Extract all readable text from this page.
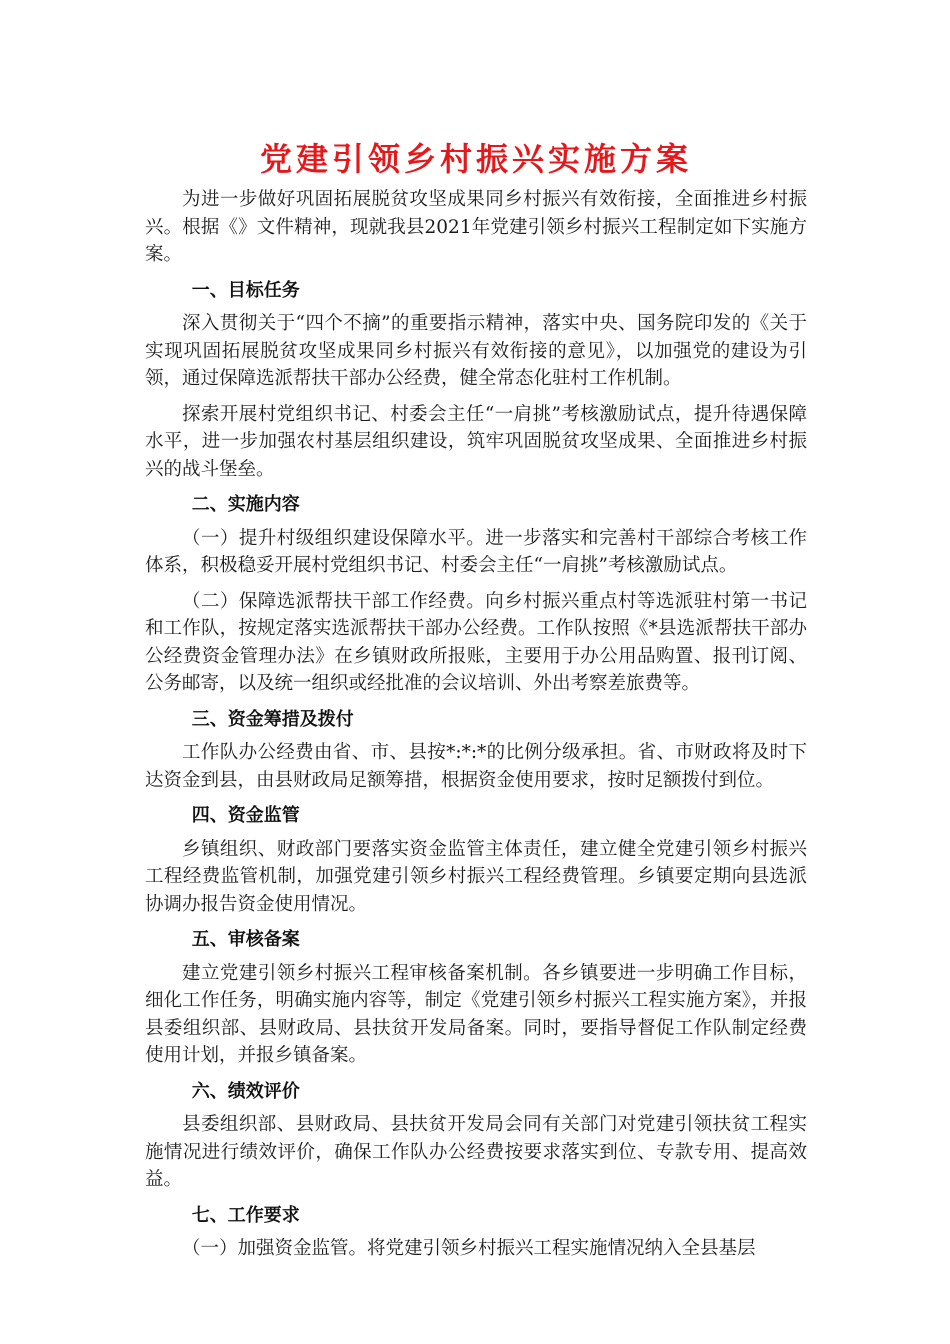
党建引领乡村振兴实施方案

为进一步做好巩固拓展脱贫攻坚成果同乡村振兴有效衔接，全面推进乡村振兴。根据《》文件精神，现就我县2021年党建引领乡村振兴工程制定如下实施方案。

一、目标任务

深入贯彻关于“四个不摘”的重要指示精神，落实中央、国务院印发的《关于实现巩固拓展脱贫攻坚成果同乡村振兴有效衔接的意见》，以加强党的建设为引领，通过保障选派帮扶干部办公经费，健全常态化驻村工作机制。

探索开展村党组织书记、村委会主任“一肩挑”考核激励试点，提升待遇保障水平，进一步加强农村基层组织建设，筑牢巩固脱贫攻坚成果、全面推进乡村振兴的战斗堡垒。

二、实施内容

（一）提升村级组织建设保障水平。进一步落实和完善村干部综合考核工作体系，积极稳妥开展村党组织书记、村委会主任“一肩挑”考核激励试点。

（二）保障选派帮扶干部工作经费。向乡村振兴重点村等选派驻村第一书记和工作队，按规定落实选派帮扶干部办公经费。工作队按照《*县选派帮扶干部办公经费资金管理办法》在乡镇财政所报账，主要用于办公用品购置、报刊订阅、公务邮寄，以及统一组织或经批准的会议培训、外出考察差旅费等。

三、资金筹措及拨付

工作队办公经费由省、市、县按*:*:*的比例分级承担。省、市财政将及时下达资金到县，由县财政局足额筹措，根据资金使用要求，按时足额拨付到位。

四、资金监管

乡镇组织、财政部门要落实资金监管主体责任，建立健全党建引领乡村振兴工程经费监管机制，加强党建引领乡村振兴工程经费管理。乡镇要定期向县选派协调办报告资金使用情况。

五、审核备案

建立党建引领乡村振兴工程审核备案机制。各乡镇要进一步明确工作目标，细化工作任务，明确实施内容等，制定《党建引领乡村振兴工程实施方案》，并报县委组织部、县财政局、县扶贫开发局备案。同时，要指导督促工作队制定经费使用计划，并报乡镇备案。

六、绩效评价

县委组织部、县财政局、县扶贫开发局会同有关部门对党建引领扶贫工程实施情况进行绩效评价，确保工作队办公经费按要求落实到位、专款专用、提高效益。

七、工作要求

（一）加强资金监管。将党建引领乡村振兴工程实施情况纳入全县基层
